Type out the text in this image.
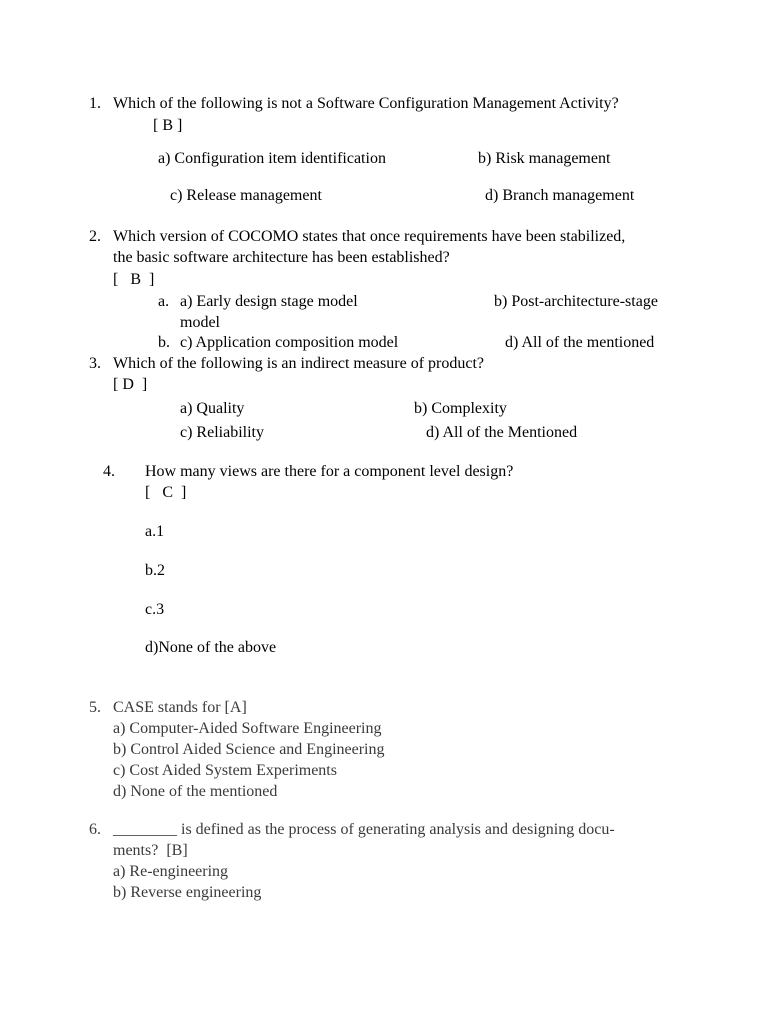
1. Which of the following is not a Software Configuration Management Activity?
[ B ]
a) Configuration item identification	b) Risk management
c) Release management	d) Branch management
2. Which version of COCOMO states that once requirements have been stabilized,
the basic software architecture has been established?
[   B  ]
a. a) Early design stage model	b) Post-architecture-stage
model
b. c) Application composition model	d) All of the mentioned
3. Which of the following is an indirect measure of product?
[ D  ]
a) Quality	b) Complexity
c) Reliability	d) All of the Mentioned
4. How many views are there for a component level design?
[   C  ]
a.1
b.2
c.3
d)None of the above
5. CASE stands for [A]
a) Computer-Aided Software Engineering
b) Control Aided Science and Engineering
c) Cost Aided System Experiments
d) None of the mentioned
6. ________ is defined as the process of generating analysis and designing docu-
ments?  [B]
a) Re-engineering
b) Reverse engineering
